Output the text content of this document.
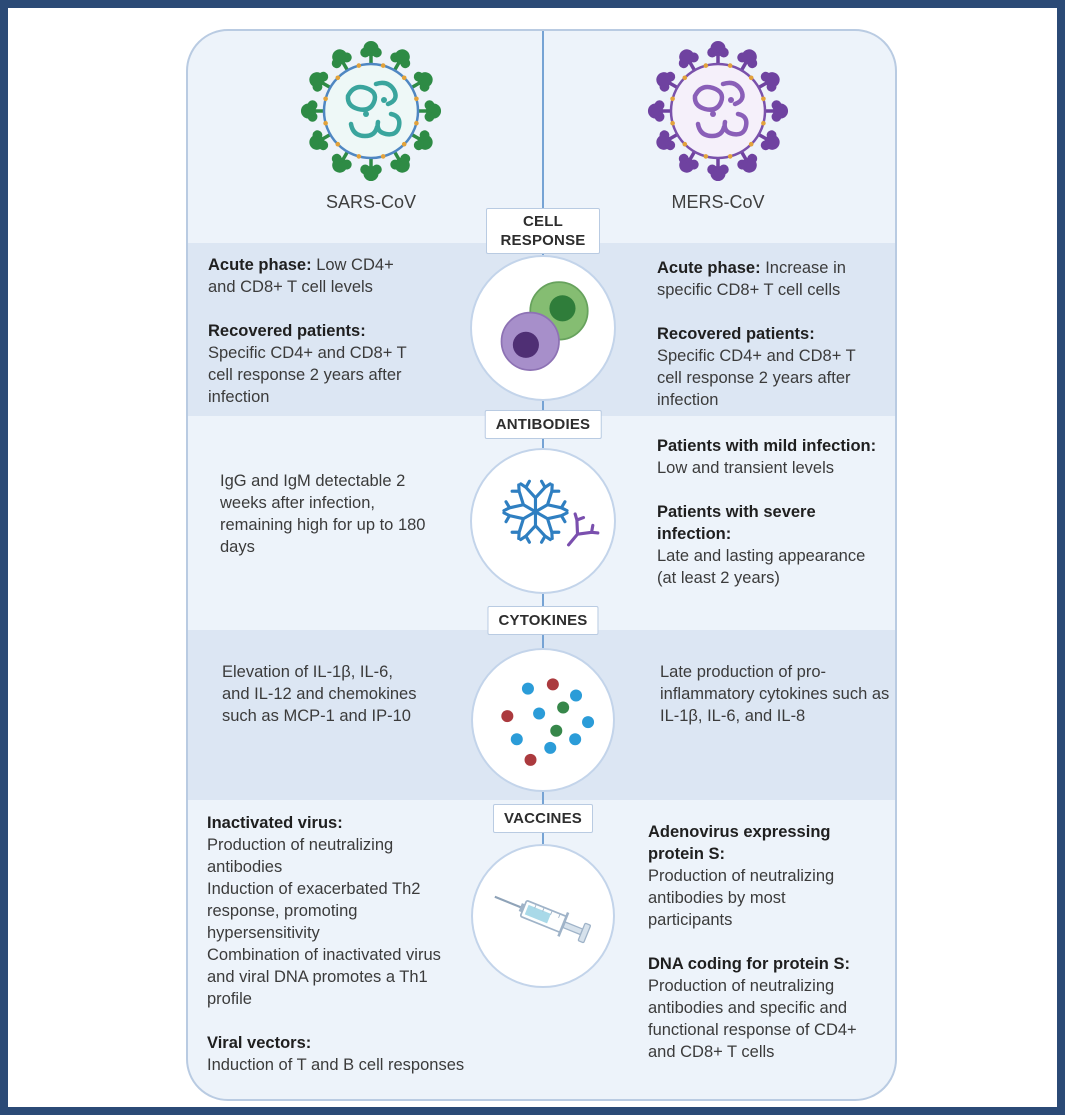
SARS-CoV	MERS-CoV
CELL RESPONSE
ANTIBODIES
CYTOKINES
VACCINES

Acute phase: Low CD4+ and CD8+ T cell levels

Recovered patients:
Specific CD4+ and CD8+ T cell response 2 years after infection

Acute phase: Increase in specific CD8+ T cell cells

Recovered patients:
Specific CD4+ and CD8+ T cell response 2 years after infection

IgG and IgM detectable 2 weeks after infection, remaining high for up to 180 days

Patients with mild infection:
Low and transient levels

Patients with severe infection:
Late and lasting appearance (at least 2 years)

Elevation of IL-1β, IL-6, and IL-12 and chemokines such as MCP-1 and IP-10

Late production of pro-inflammatory cytokines such as IL-1β, IL-6, and IL-8

Inactivated virus:
Production of neutralizing antibodies
Induction of exacerbated Th2 response, promoting hypersensitivity
Combination of inactivated virus and viral DNA promotes a Th1 profile

Viral vectors:
Induction of T and B cell responses

Adenovirus expressing protein S:
Production of neutralizing antibodies by most participants

DNA coding for protein S:
Production of neutralizing antibodies and specific and functional response of CD4+ and CD8+ T cells
